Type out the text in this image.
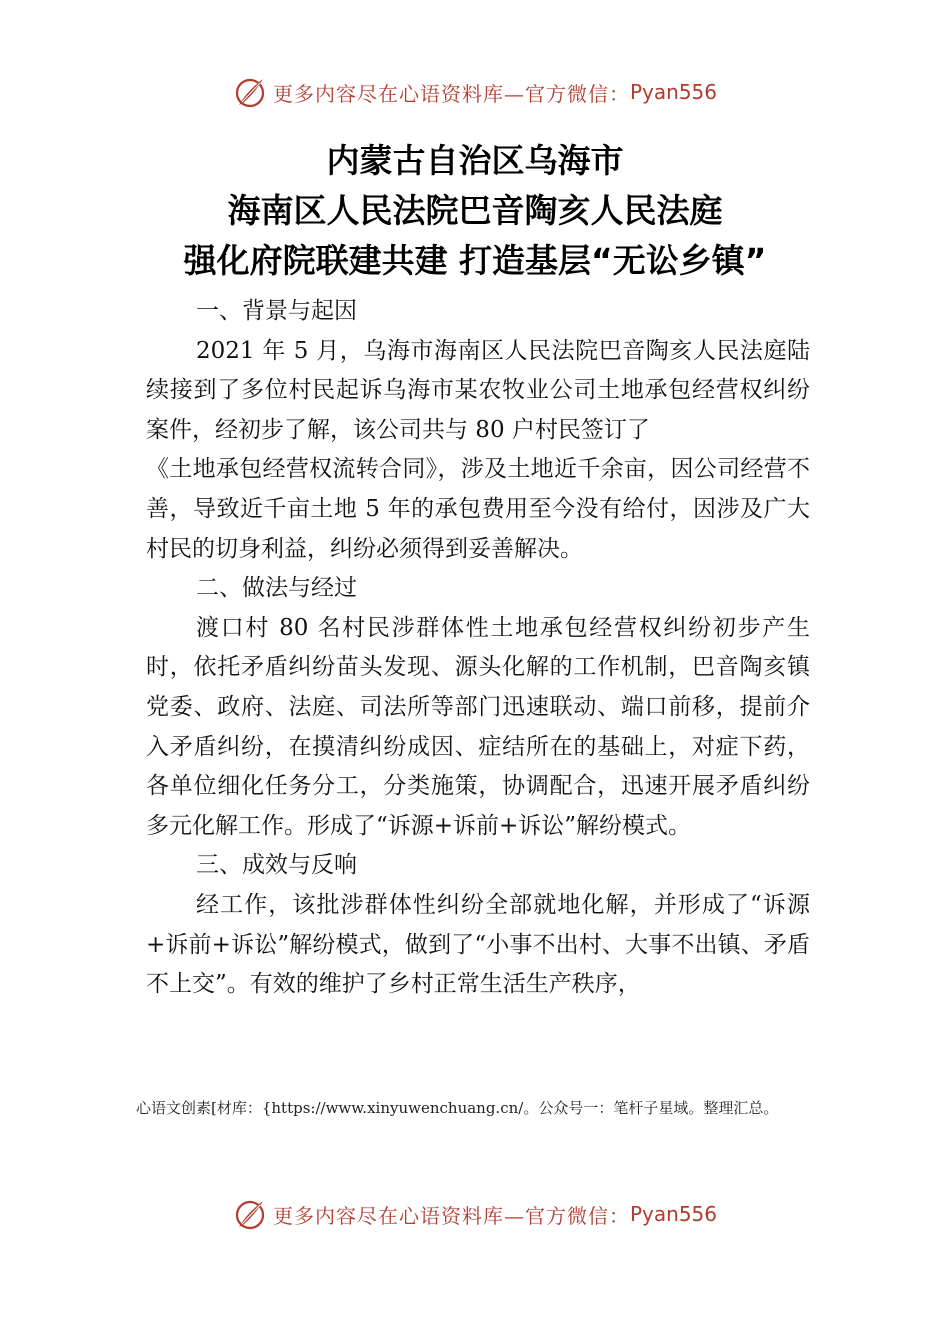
更多内容尽在心语资料库— 官方微信： Pyan556
内蒙古自治区乌海市
海南区人民法院巴音陶亥人民法庭
强化府院联建共建 打造基层“无讼乡镇”
一、背景与起因

2021 年 5 月，乌海市海南区人民法院巴音陶亥人民法庭陆续接到了多位村民起诉乌海市某农牧业公司土地承包经营权纠纷案件，经初步了解，该公司共与 80 户村民签订了

《土地承包经营权流转合同》，涉及土地近千余亩，因公司经营不善，导致近千亩土地 5 年的承包费用至今没有给付，因涉及广大村民的切身利益，纠纷必须得到妥善解决。

二、做法与经过

渡口村 80 名村民涉群体性土地承包经营权纠纷初步产生时，依托矛盾纠纷苗头发现、源头化解的工作机制，巴音陶亥镇党委、政府、法庭、司法所等部门迅速联动、端口前移，提前介入矛盾纠纷，在摸清纠纷成因、症结所在的基础上，对症下药，各单位细化任务分工，分类施策，协调配合，迅速开展矛盾纠纷多元化解工作。形成了“诉源+诉前+诉讼”解纷模式。

三、成效与反响

经工作，该批涉群体性纠纷全部就地化解，并形成了“诉源+诉前+诉讼”解纷模式，做到了“小事不出村、大事不出镇、矛盾不上交”。有效的维护了乡村正常生活生产秩序，

心语文创素[材库：{https://www.xinyuwenchuang.cn/。公众号一：笔杆子星域。整理汇总。
更多内容尽在心语资料库— 官方微信： Pyan556
